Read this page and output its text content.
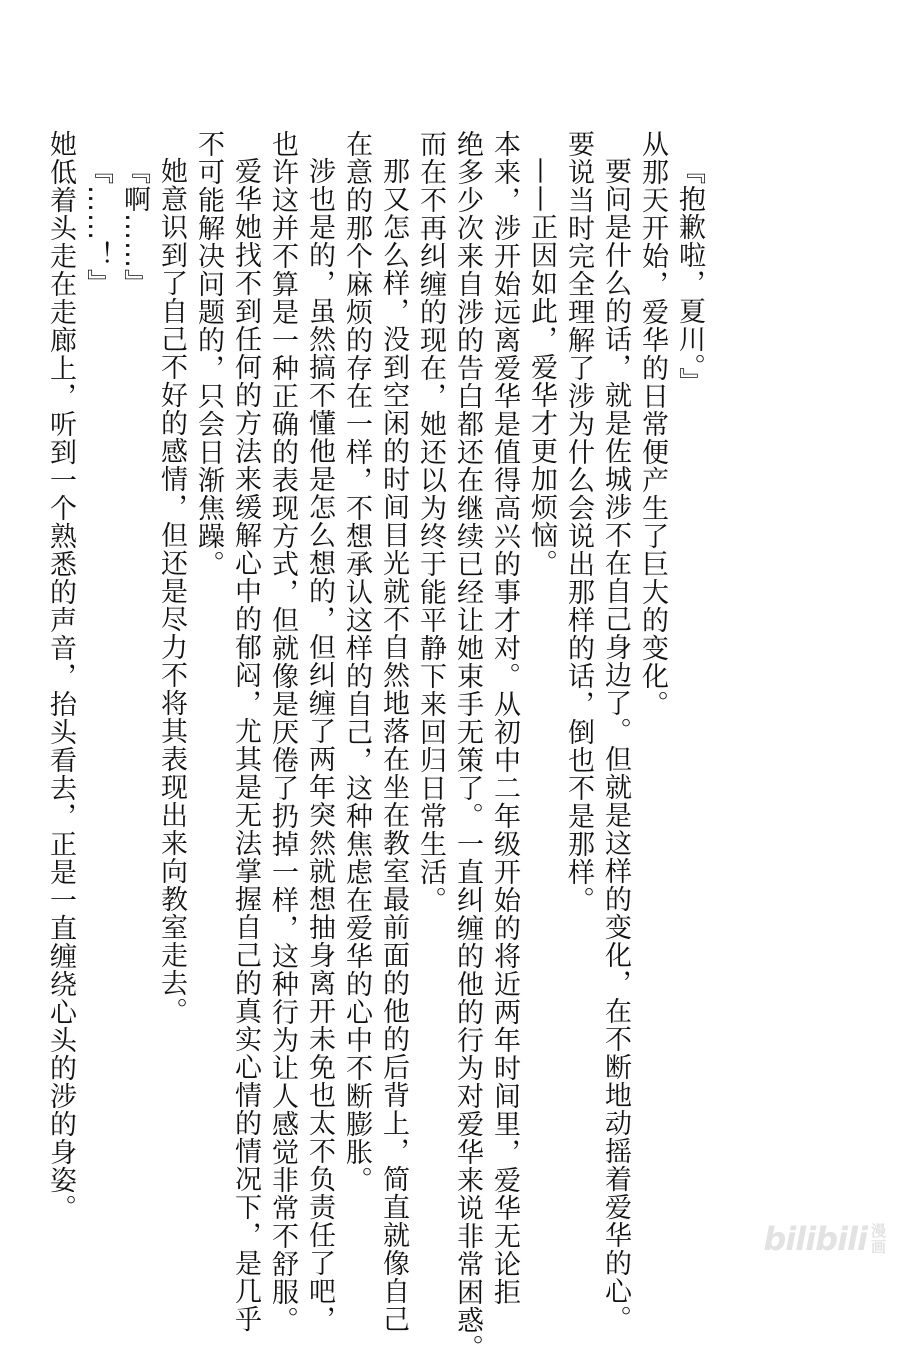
『抱歉啦，夏川。』

从那天开始，爱华的日常便产生了巨大的变化。

要问是什么的话，就是佐城涉不在自己身边了。但就是这样的变化，在不断地动摇着爱华的心。

要说当时完全理解了涉为什么会说出那样的话，倒也不是那样。

——正因如此，爱华才更加烦恼。

本来，涉开始远离爱华是值得高兴的事才对。从初中二年级开始的将近两年时间里，爱华无论拒

绝多少次来自涉的告白都还在继续已经让她束手无策了。一直纠缠的他的行为对爱华来说非常困惑。

而在不再纠缠的现在，她还以为终于能平静下来回归日常生活。

那又怎么样，没到空闲的时间目光就不自然地落在坐在教室最前面的他的后背上，简直就像自己

在意的那个麻烦的存在一样，不想承认这样的自己，这种焦虑在爱华的心中不断膨胀。

涉也是的，虽然搞不懂他是怎么想的，但纠缠了两年突然就想抽身离开未免也太不负责任了吧，

也许这并不算是一种正确的表现方式，但就像是厌倦了扔掉一样，这种行为让人感觉非常不舒服。

爱华她找不到任何的方法来缓解心中的郁闷，尤其是无法掌握自己的真实心情的情况下，是几乎

不可能解决问题的，只会日渐焦躁。

她意识到了自己不好的感情，但还是尽力不将其表现出来向教室走去。

『啊……』

『……！』

她低着头走在走廊上，听到一个熟悉的声音，抬头看去，正是一直缠绕心头的涉的身姿。

bilibili 漫
画
